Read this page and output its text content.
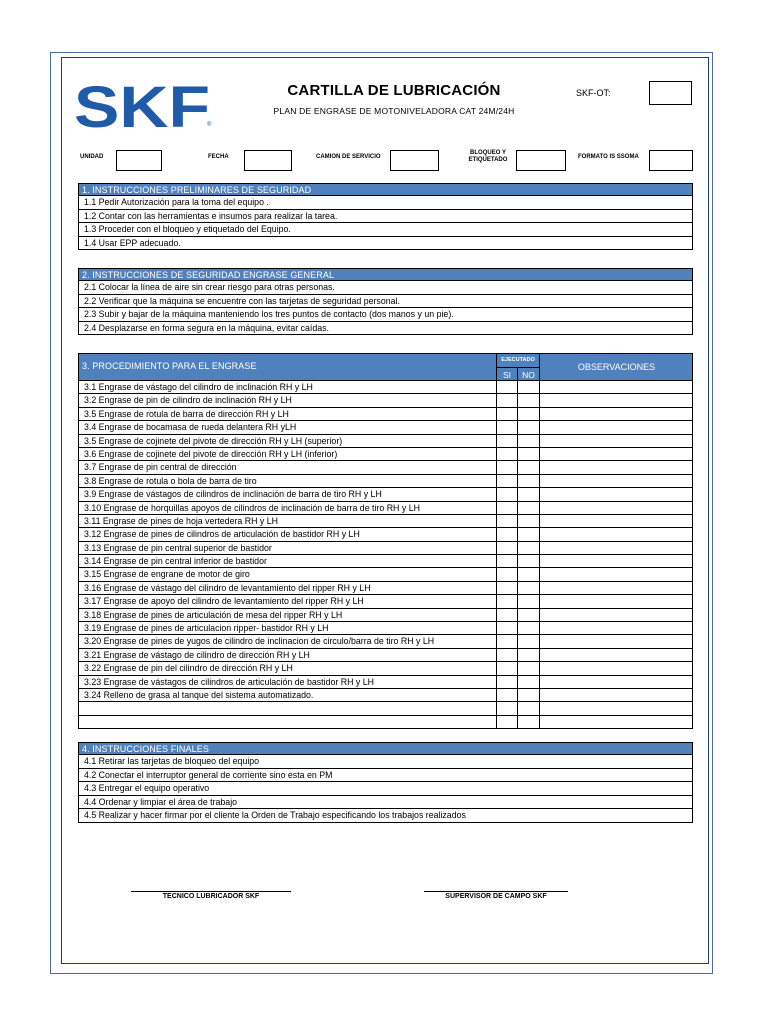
SKF
®
CARTILLA DE LUBRICACIÓN
PLAN DE ENGRASE DE MOTONIVELADORA CAT 24M/24H
SKF-OT:
UNIDAD	FECHA	CAMION DE SERVICIO
BLOQUEO Y
ETIQUETADO	FORMATO IS SSOMA
1. INSTRUCCIONES PRELIMINARES DE SEGURIDAD
1.1 Pedir Autorización para la toma del equipo .
1.2 Contar con las herramientas e insumos para realizar la tarea.
1.3 Proceder con el bloqueo y etiquetado del Equipo.
1.4 Usar EPP adecuado.
2. INSTRUCCIONES DE SEGURIDAD ENGRASE GENERAL
2.1 Colocar la línea de aire sin crear riesgo para otras personas.
2.2 Verificar que la máquina se encuentre con las tarjetas de seguridad personal.
2.3 Subir y bajar de la máquina manteniendo los tres puntos de contacto (dos manos y un pie).
2.4 Desplazarse en forma segura en la máquina, evitar caídas.
3. PROCEDIMIENTO PARA EL ENGRASE
EJECUTADO
SI	NO
OBSERVACIONES
3.1 Engrase de vástago del cilindro de inclinación RH y LH
3.2 Engrase de pin de cilindro de inclinación RH y LH
3.5 Engrase de rotula de barra de dirección RH y LH
3.4 Engrase de bocamasa de rueda delantera RH yLH
3.5 Engrase de cojinete del pivote de dirección RH y LH (superior)
3.6 Engrase de cojinete del pivote de dirección RH y LH (inferior)
3.7 Engrase de pin central de dirección
3.8 Engrase de rotula o bola de barra de tiro
3.9 Engrase de vástagos de cilindros de inclinación de barra de tiro RH y LH
3.10 Engrase de horquillas apoyos de cilindros de inclinación de barra de tiro RH y LH
3.11 Engrase de pines de hoja vertedera RH y LH
3.12 Engrase de pines de cilindros de articulación de bastidor RH y LH
3.13 Engrase de pin central superior de bastidor
3.14 Engrase de pin central inferior de bastidor
3.15 Engrase de engrane de motor de giro
3.16 Engrase de vástago del cilindro de levantamiento del ripper RH y LH
3.17 Engrase de apoyo del cilindro de levantamiento del ripper RH y LH
3.18 Engrase de pines de articulación de mesa del ripper RH y LH
3.19 Engrase de pines de articulacion ripper- bastidor RH y LH
3.20 Engrase de pines de yugos de cilindro de inclinacion de circulo/barra de tiro RH y LH
3.21 Engrase de vástago de cilindro de dirección RH y LH
3.22 Engrase de pin del cilindro de dirección RH y LH
3.23 Engrase de vástagos de cilindros de articulación de bastidor RH y LH
3.24 Relleno de grasa al tanque del sistema automatizado.
4. INSTRUCCIONES FINALES
4.1 Retirar las tarjetas de bloqueo del equipo
4.2 Conectar el interruptor general de corriente sino esta en PM
4.3 Entregar el equipo operativo
4.4 Ordenar y limpiar el área de trabajo
4.5 Realizar y hacer firmar por el cliente la Orden de Trabajo especificando los trabajos realizados
TECNICO LUBRICADOR SKF	SUPERVISOR DE CAMPO SKF
